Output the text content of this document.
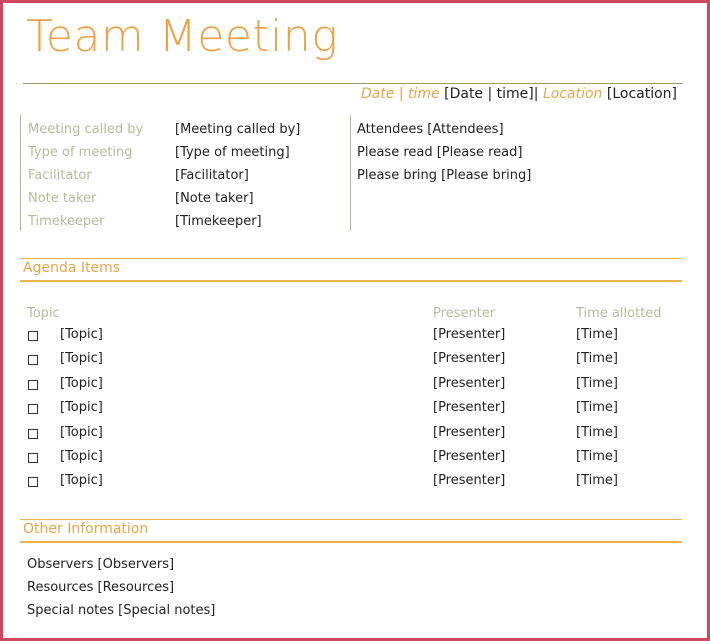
Team Meeting
Date | time [Date | time]| Location [Location]
Meeting called by [Meeting called by]
Type of meeting	[Type of meeting]
Facilitator	[Facilitator]
Note taker	[Note taker]
Timekeeper	[Timekeeper]
Attendees [Attendees]
Please read [Please read]
Please bring [Please bring]
Agenda Items
Topic	Presenter	Time allotted
[Topic]	[Presenter]	[Time]
[Topic]	[Presenter]	[Time]
[Topic]	[Presenter]	[Time]
[Topic]	[Presenter]	[Time]
[Topic]	[Presenter]	[Time]
[Topic]	[Presenter]	[Time]
[Topic]	[Presenter]	[Time]
Other Information
Observers [Observers]
Resources [Resources]
Special notes [Special notes]
